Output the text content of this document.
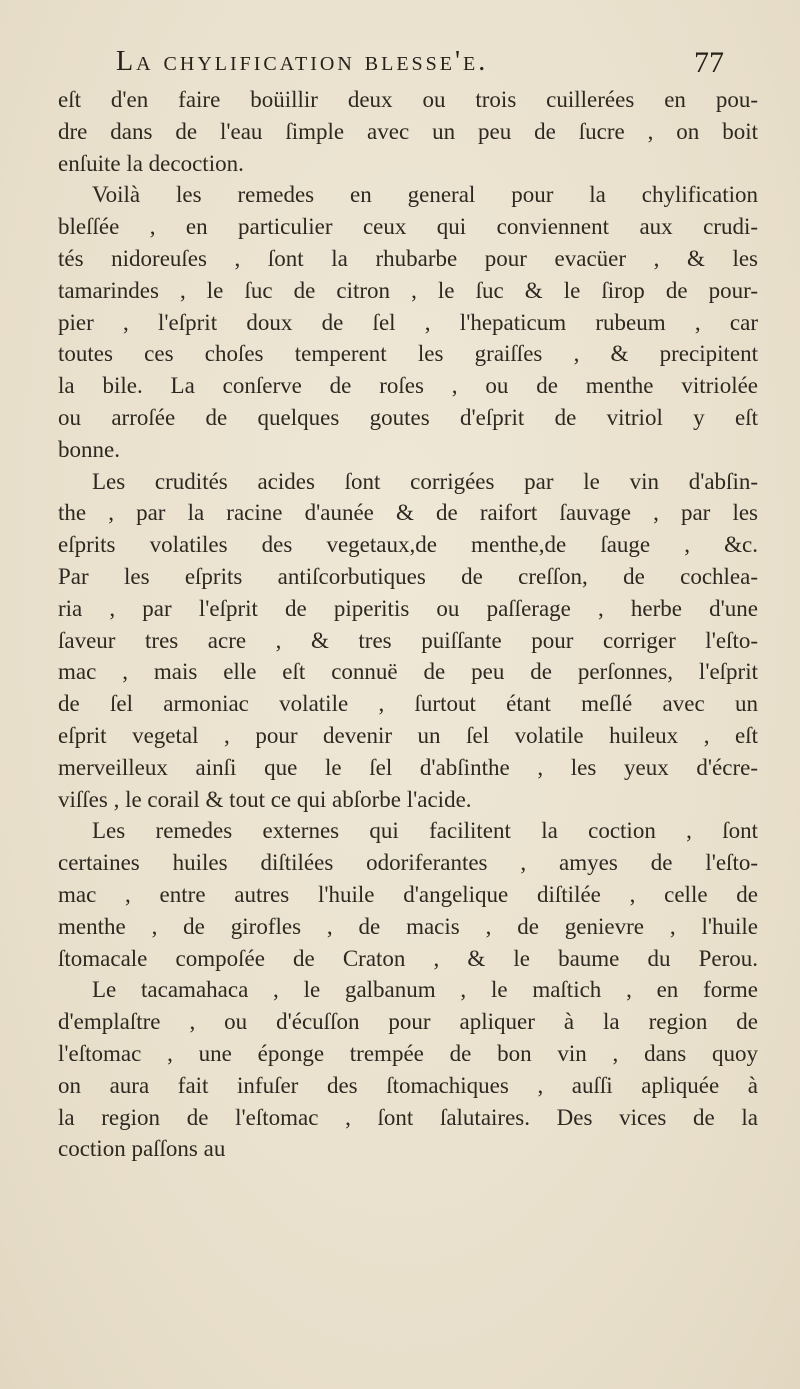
La chylification blesse'e.	77
eſt d'en faire boüillir deux ou trois cuillerées en pou-
dre dans de l'eau ſimple avec un peu de ſucre , on boit
enſuite la decoction.
Voilà les remedes en general pour la chylification
bleſſée , en particulier ceux qui conviennent aux crudi-
tés nidoreuſes , ſont la rhubarbe pour evacüer , & les
tamarindes , le ſuc de citron , le ſuc & le ſirop de pour-
pier , l'eſprit doux de ſel , l'hepaticum rubeum , car
toutes ces choſes temperent les graiſſes , & precipitent
la bile. La conſerve de roſes , ou de menthe vitriolée
ou arroſée de quelques goutes d'eſprit de vitriol y eſt
bonne.
Les crudités acides ſont corrigées par le vin d'abſin-
the , par la racine d'aunée & de raifort ſauvage , par les
eſprits volatiles des vegetaux,de menthe,de ſauge , &c.
Par les eſprits antiſcorbutiques de creſſon, de cochlea-
ria , par l'eſprit de piperitis ou paſſerage , herbe d'une
ſaveur tres acre , & tres puiſſante pour corriger l'eſto-
mac , mais elle eſt connuë de peu de perſonnes, l'eſprit
de ſel armoniac volatile , ſurtout étant meſlé avec un
eſprit vegetal , pour devenir un ſel volatile huileux , eſt
merveilleux ainſi que le ſel d'abſinthe , les yeux d'écre-
viſſes , le corail & tout ce qui abſorbe l'acide.
Les remedes externes qui facilitent la coction , ſont
certaines huiles diſtilées odoriferantes , amyes de l'eſto-
mac , entre autres l'huile d'angelique diſtilée , celle de
menthe , de girofles , de macis , de genievre , l'huile
ſtomacale compoſée de Craton , & le baume du Perou.
Le tacamahaca , le galbanum , le maſtich , en forme
d'emplaſtre , ou d'écuſſon pour apliquer à la region de
l'eſtomac , une éponge trempée de bon vin , dans quoy
on aura fait infuſer des ſtomachiques , auſſi apliquée à
la region de l'eſtomac , ſont ſalutaires. Des vices de la
coction paſſons au
